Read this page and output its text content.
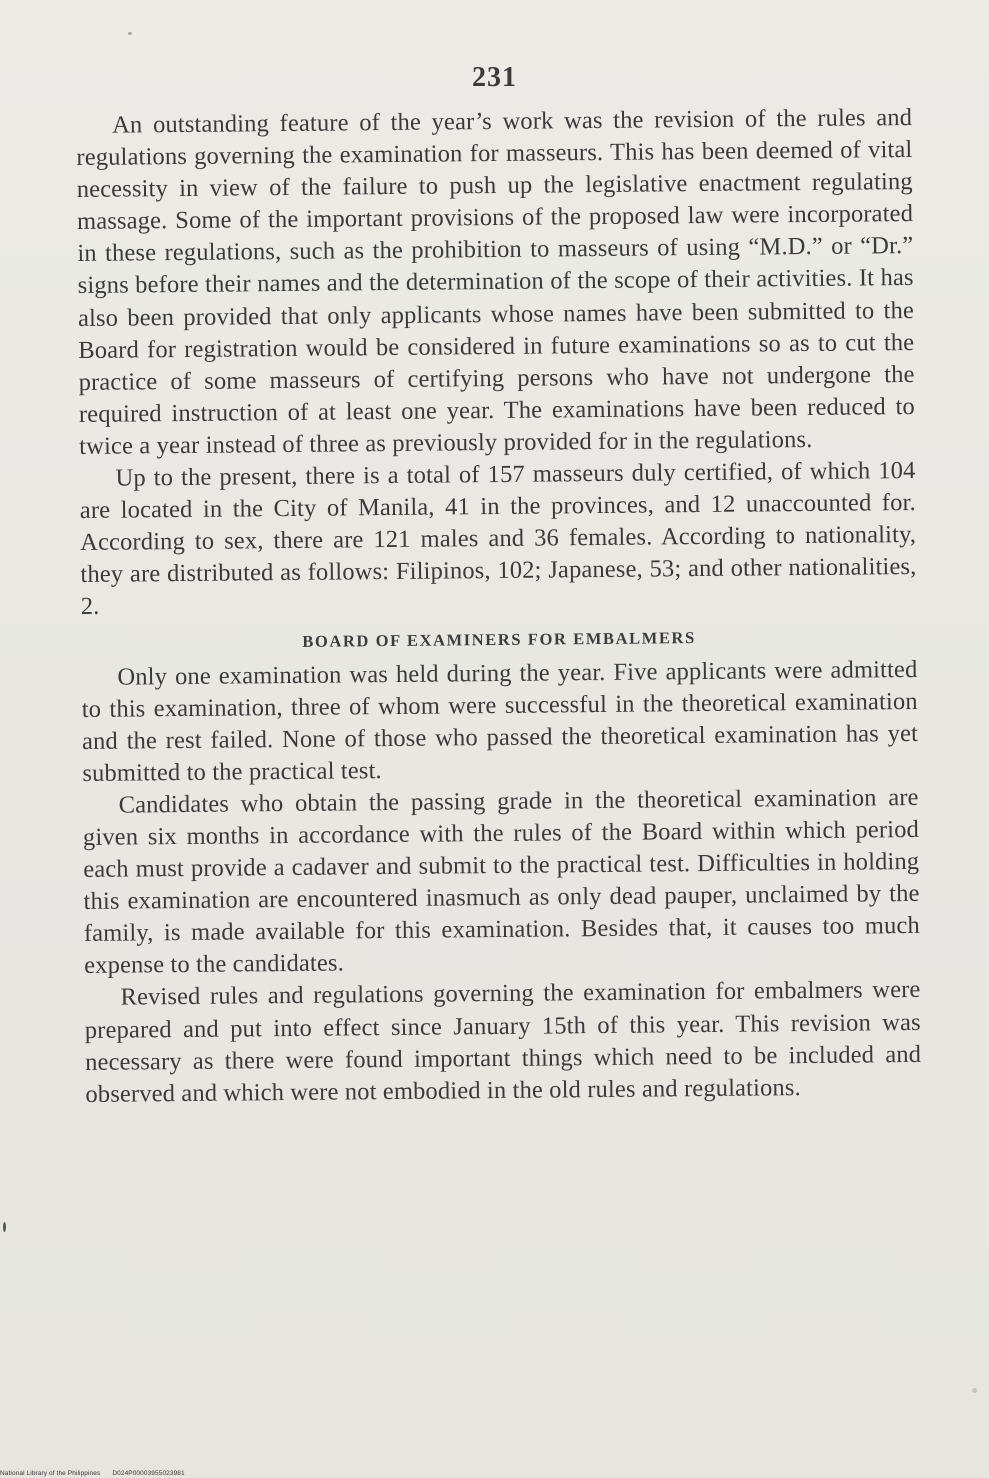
231

An outstanding feature of the year’s work was the revision of the rules and regulations governing the examination for masseurs. This has been deemed of vital necessity in view of the failure to push up the legislative enactment regulating massage. Some of the important provisions of the proposed law were incorporated in these regulations, such as the prohibition to masseurs of using “M.D.” or “Dr.” signs before their names and the determination of the scope of their activities. It has also been provided that only applicants whose names have been submitted to the Board for registration would be considered in future examinations so as to cut the practice of some masseurs of certifying persons who have not undergone the required instruction of at least one year. The examinations have been reduced to twice a year instead of three as previously provided for in the regulations.

Up to the present, there is a total of 157 masseurs duly certified, of which 104 are located in the City of Manila, 41 in the provinces, and 12 unaccounted for. According to sex, there are 121 males and 36 females. According to nationality, they are distributed as follows: Filipinos, 102; Japanese, 53; and other nationalities, 2.

BOARD OF EXAMINERS FOR EMBALMERS

Only one examination was held during the year. Five applicants were admitted to this examination, three of whom were successful in the theoretical examination and the rest failed. None of those who passed the theoretical examination has yet submitted to the practical test.

Candidates who obtain the passing grade in the theoretical examination are given six months in accordance with the rules of the Board within which period each must provide a cadaver and submit to the practical test. Difficulties in holding this examination are encountered inasmuch as only dead pauper, unclaimed by the family, is made available for this examination. Besides that, it causes too much expense to the candidates.

Revised rules and regulations governing the examination for embalmers were prepared and put into effect since January 15th of this year. This revision was necessary as there were found important things which need to be included and observed and which were not embodied in the old rules and regulations.

National Library of the Philippines D024P00003955023981
